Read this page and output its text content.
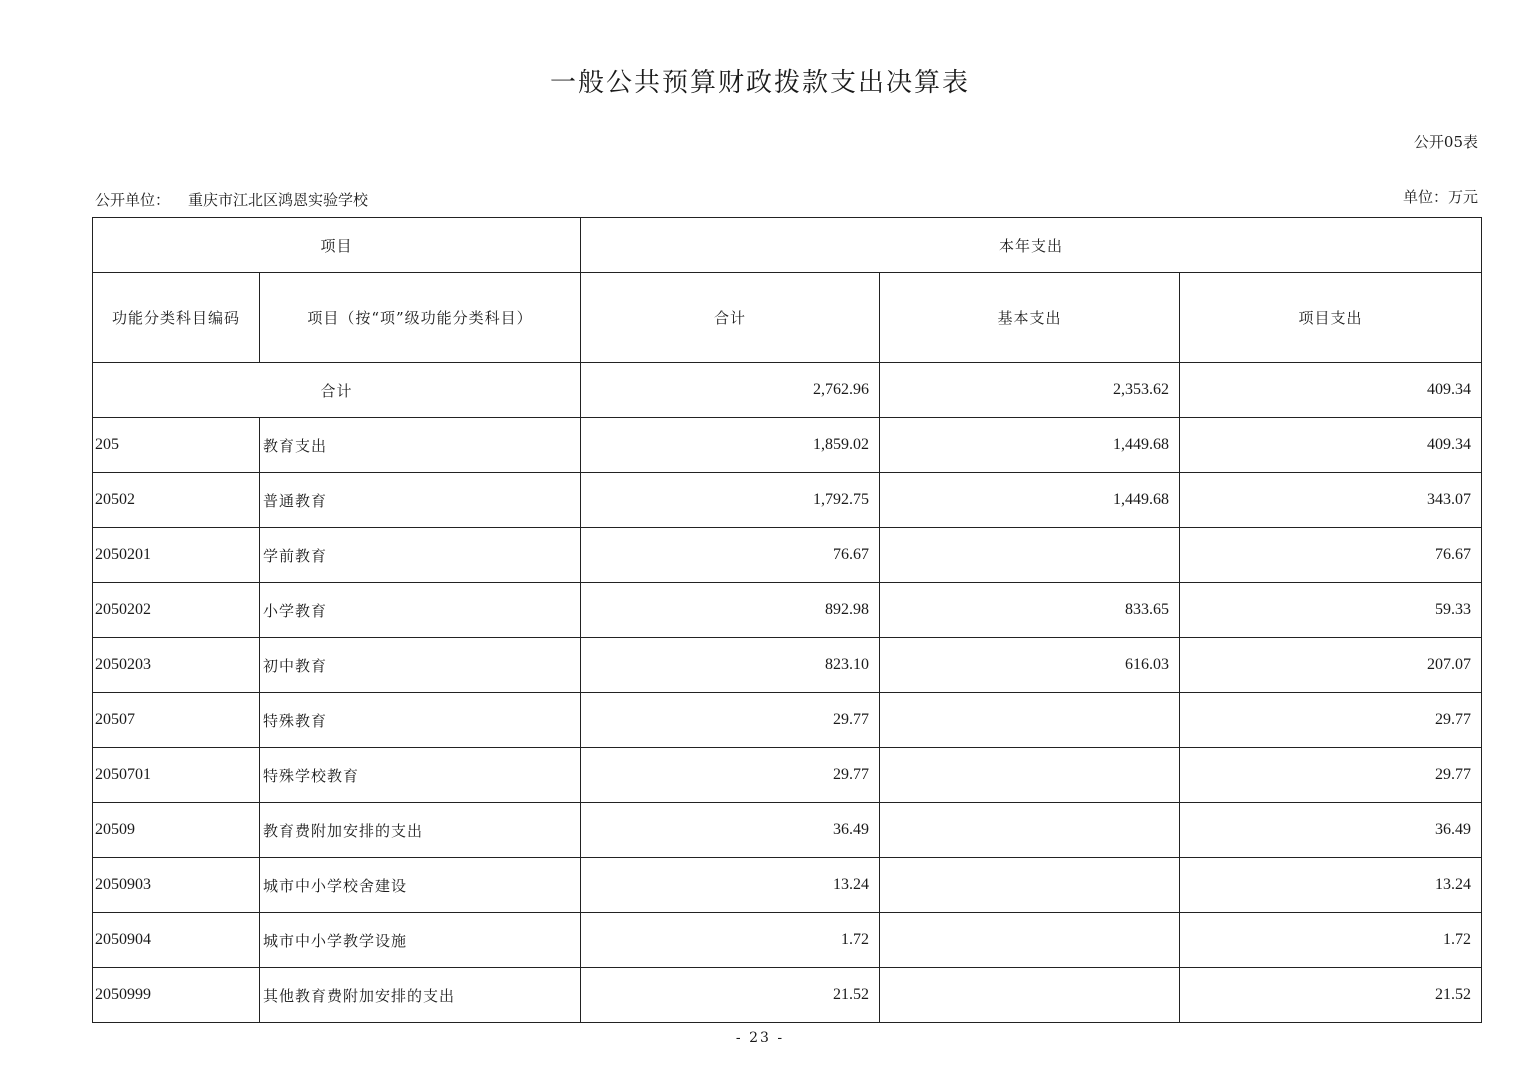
一般公共预算财政拨款支出决算表
公开05表
公开单位： 重庆市江北区鸿恩实验学校	单位：万元
项目		本年支出		
功能分类科目编码	项目（按“项”级功能分类科目）	合计	基本支出	项目支出
合计		2,762.96	2,353.62	409.34
205	教育支出	1,859.02	1,449.68	409.34
20502	普通教育	1,792.75	1,449.68	343.07
2050201	学前教育	76.67		76.67
2050202	小学教育	892.98	833.65	59.33
2050203	初中教育	823.10	616.03	207.07
20507	特殊教育	29.77		29.77
2050701	特殊学校教育	29.77		29.77
20509	教育费附加安排的支出	36.49		36.49
2050903	城市中小学校舍建设	13.24		13.24
2050904	城市中小学教学设施	1.72		1.72
2050999	其他教育费附加安排的支出	21.52		21.52
- 23 -
